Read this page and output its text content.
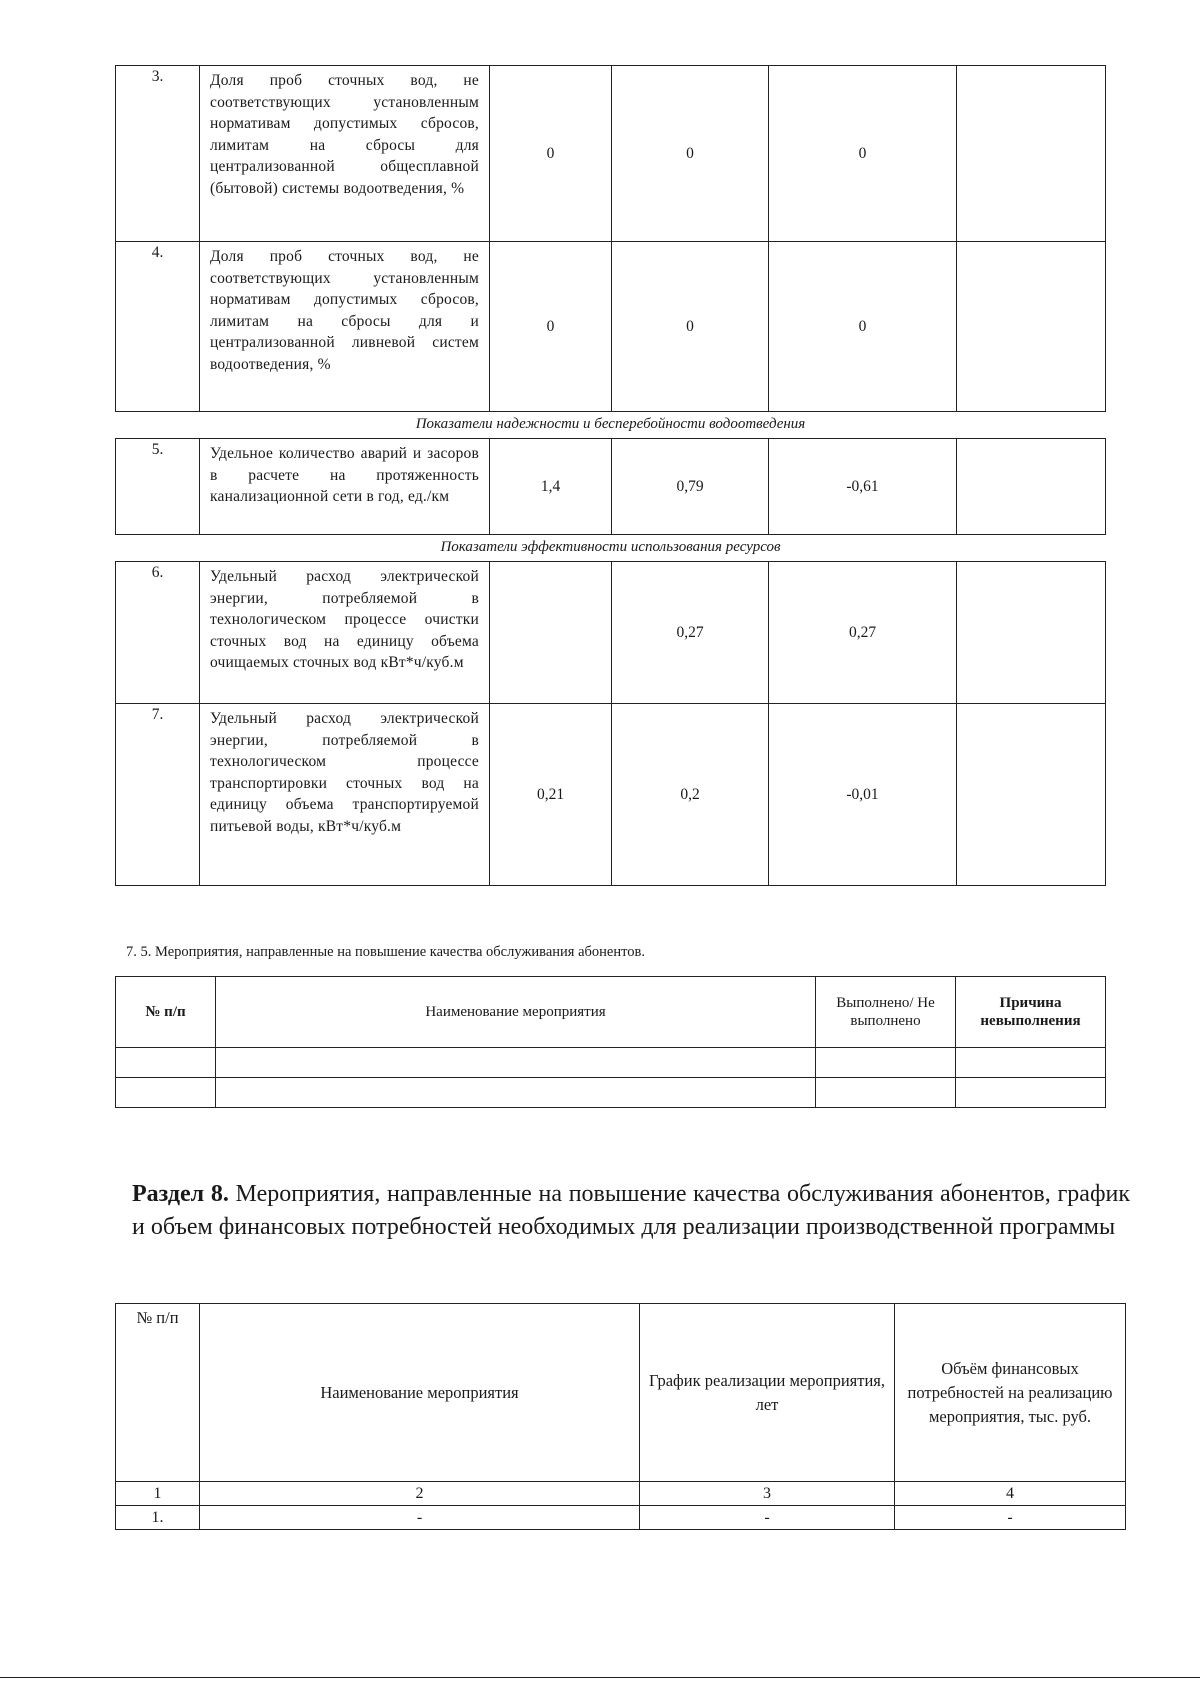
3.	Доля проб сточных вод, не соответствующих установленным нормативам допустимых сбросов, лимитам на сбросы для централизованной общесплавной (бытовой) системы водоотведения, %	0	0	0	
4.	Доля проб сточных вод, не соответствующих установленным нормативам допустимых сбросов, лимитам на сбросы для и централизованной ливневой систем водоотведения, %	0	0	0	
Показатели надежности и бесперебойности водоотведения					
5.	Удельное количество аварий и засоров в расчете на протяженность канализационной сети в год, ед./км	1,4	0,79	-0,61	
Показатели эффективности использования ресурсов					
6.	Удельный расход электрической энергии, потребляемой в технологическом процессе очистки сточных вод на единицу объема очищаемых сточных вод кВт*ч/куб.м		0,27	0,27	
7.	Удельный расход электрической энергии, потребляемой в технологическом процессе транспортировки сточных вод на единицу объема транспортируемой питьевой воды, кВт*ч/куб.м	0,21	0,2	-0,01	
7. 5. Мероприятия, направленные на повышение качества обслуживания абонентов.
№ п/п	Наименование мероприятия	Выполнено/ Не выполнено	Причина невыполнения

Раздел 8. Мероприятия, направленные на повышение качества обслуживания абонентов, график и объем финансовых потребностей необходимых для реализации производственной программы

№ п/п	Наименование мероприятия	График реализации мероприятия, лет	Объём финансовых потребностей на реализацию мероприятия, тыс. руб.
1	2	3	4
1.	-	-	-
